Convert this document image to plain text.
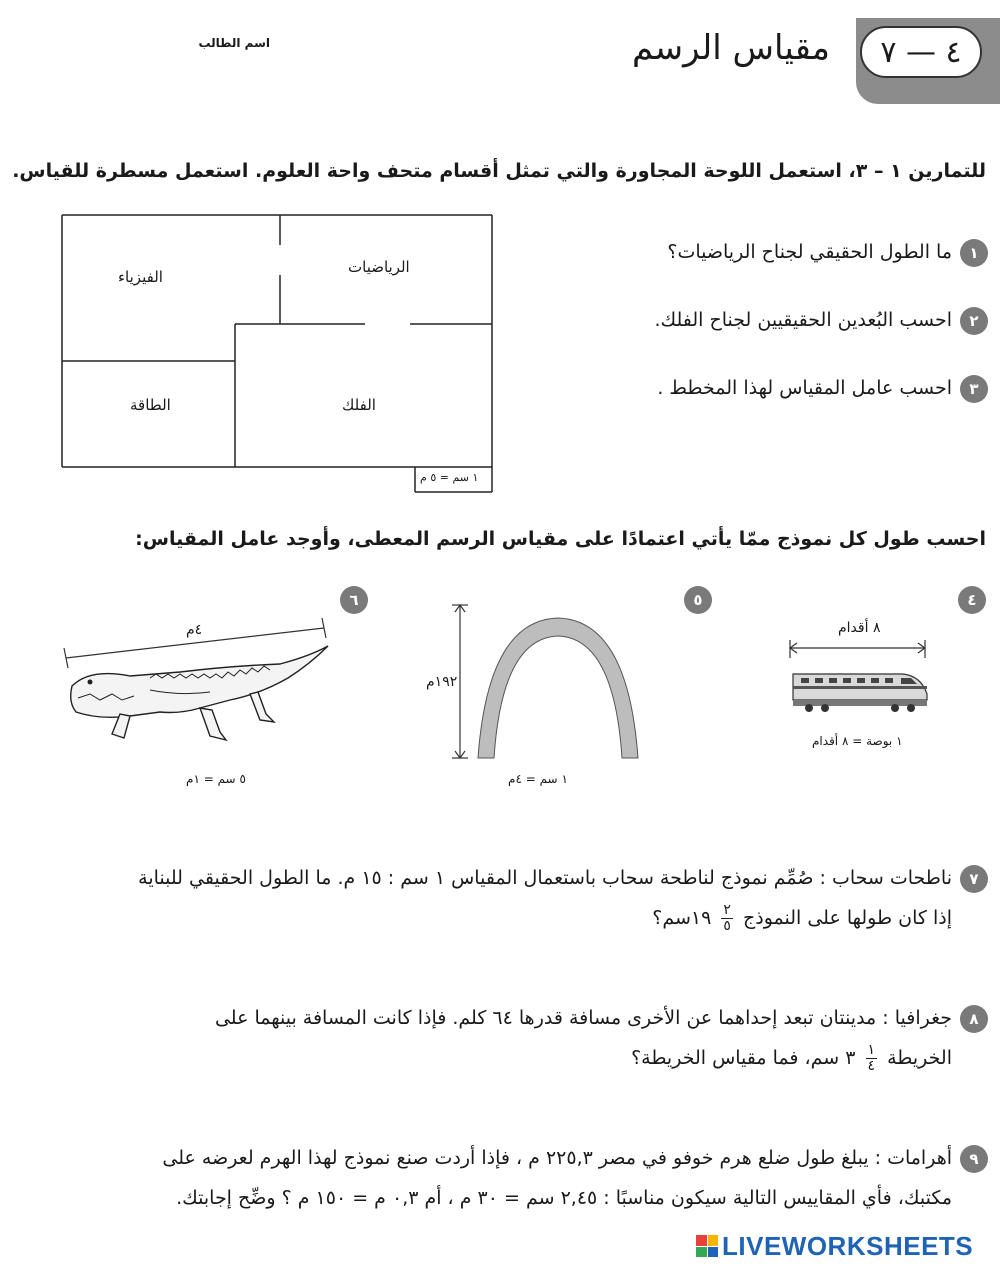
٤ — ٧
مقياس الرسم
اسم الطالب
للتمارين ١ – ٣، استعمل اللوحة المجاورة والتي تمثل أقسام متحف واحة العلوم. استعمل مسطرة للقياس.
الفيزياء
الرياضيات
الطاقة	الفلك
١ سم = ٥ م
١ما الطول الحقيقي لجناح الرياضيات؟
٢احسب البُعدين الحقيقيين لجناح الفلك.
٣احسب عامل المقياس لهذا المخطط .
احسب طول كل نموذج ممّا يأتي اعتمادًا على مقياس الرسم المعطى، وأوجد عامل المقياس:
٤
٨ أقدام
١ بوصة = ٨ أقدام
٥
١٩٢م
١ سم = ٤م
٦
٤م
٥ سم = ١م
٧ناطحات سحاب : صُمِّم نموذج لناطحة سحاب باستعمال المقياس ١ سم : ١٥ م. ما الطول الحقيقي للبناية
إذا كان طولها على النموذج
٢
٥
١٩سم؟
٨جغرافيا : مدينتان تبعد إحداهما عن الأخرى مسافة قدرها ٦٤ كلم. فإذا كانت المسافة بينهما على
الخريطة
١
٤
٣ سم، فما مقياس الخريطة؟
٩أهرامات : يبلغ طول ضلع هرم خوفو في مصر ٢٢٥,٣ م ، فإذا أردت صنع نموذج لهذا الهرم لعرضه على
مكتبك، فأي المقاييس التالية سيكون مناسبًا : ٢,٤٥ سم = ٣٠ م ، أم ٠,٣ م = ١٥٠ م ؟ وضِّح إجابتك.
LIVEWORKSHEETS
